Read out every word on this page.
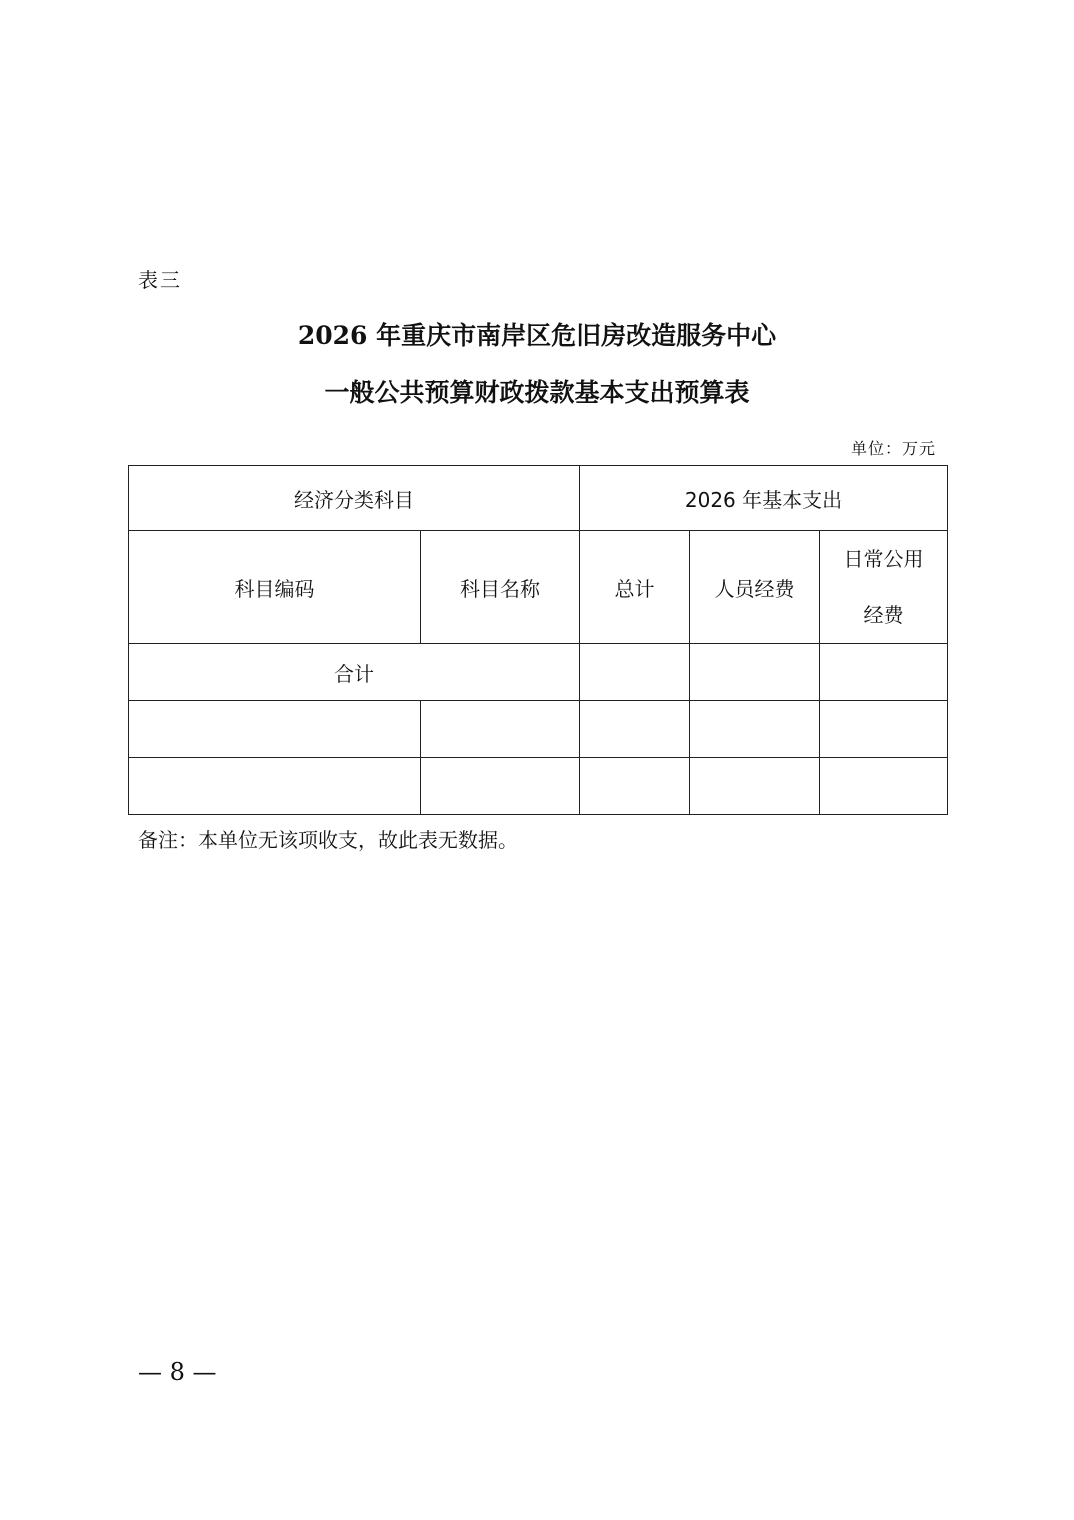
表三
2026 年重庆市南岸区危旧房改造服务中心
一般公共预算财政拨款基本支出预算表
单位：万元
经济分类科目		2026 年基本支出		
科目编码	科目名称	总计	人员经费	日常公用
经费

合计				

备注：本单位无该项收支，故此表无数据。
— 8 —
